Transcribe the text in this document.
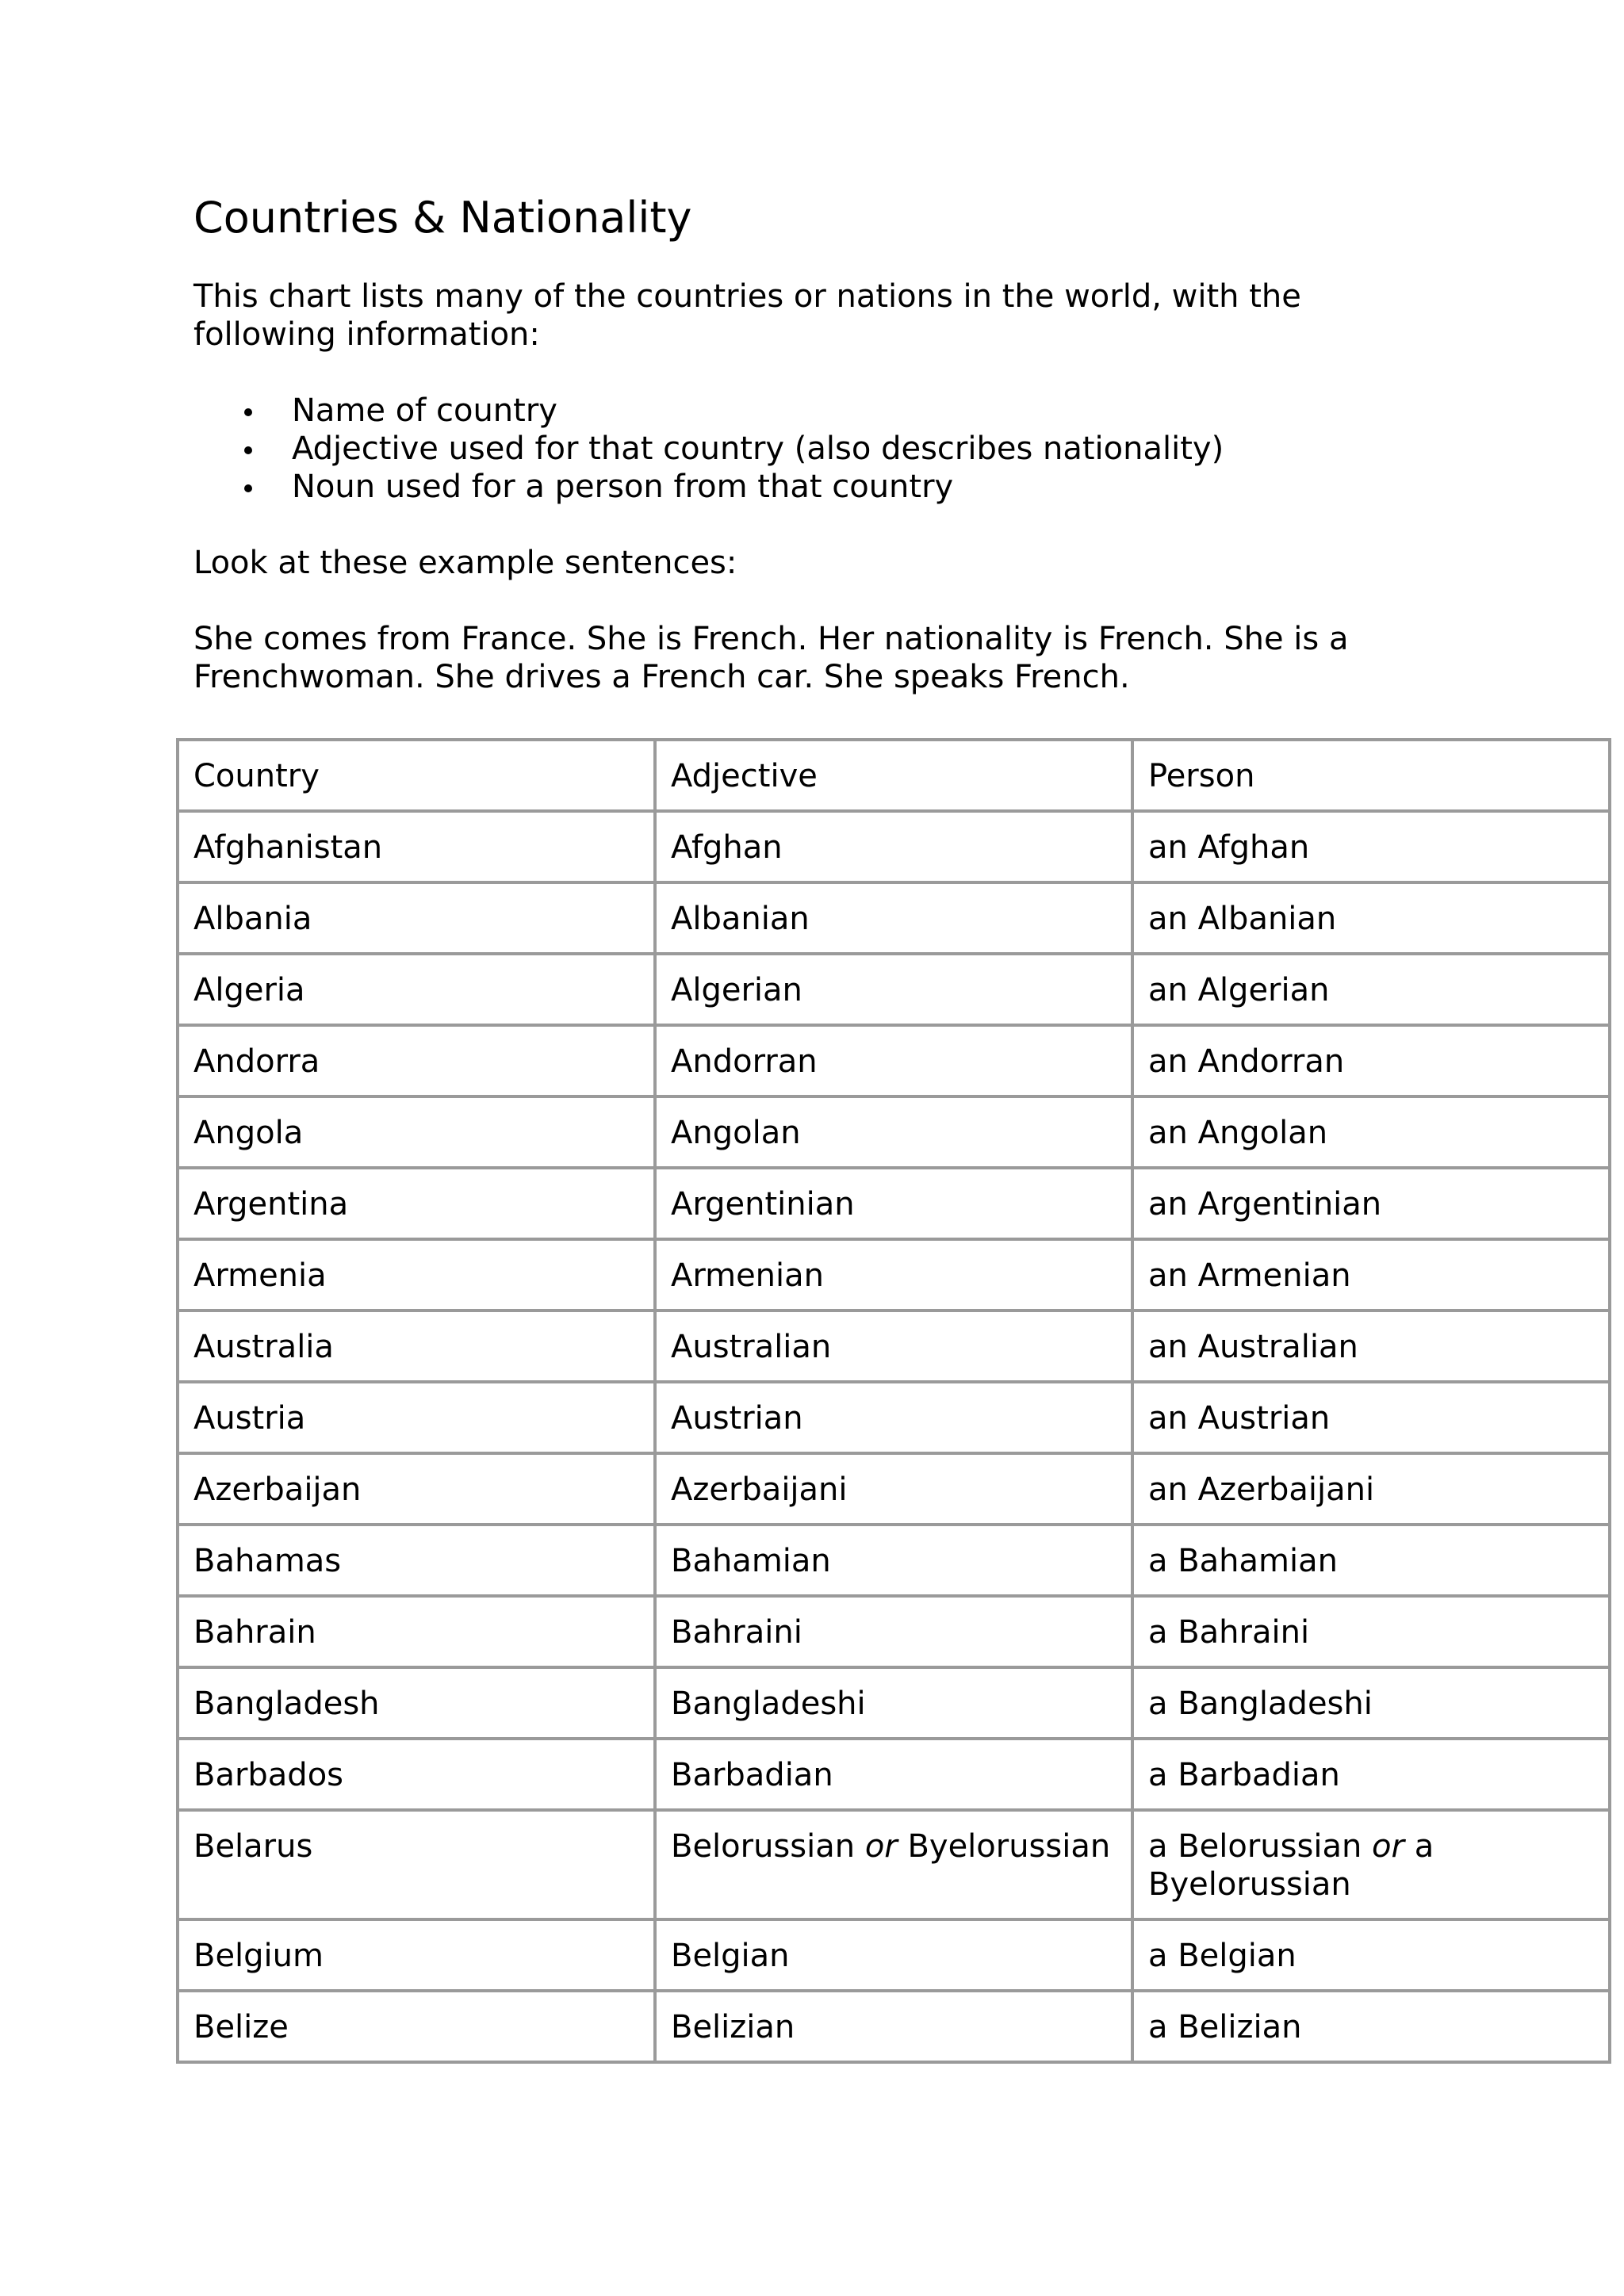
Countries & Nationality

This chart lists many of the countries or nations in the world, with the following information:

Name of country
Adjective used for that country (also describes nationality)
Noun used for a person from that country

Look at these example sentences:

She comes from France. She is French. Her nationality is French. She is a Frenchwoman. She drives a French car. She speaks French.

Country	Adjective	Person
Afghanistan	Afghan	an Afghan
Albania	Albanian	an Albanian
Algeria	Algerian	an Algerian
Andorra	Andorran	an Andorran
Angola	Angolan	an Angolan
Argentina	Argentinian	an Argentinian
Armenia	Armenian	an Armenian
Australia	Australian	an Australian
Austria	Austrian	an Austrian
Azerbaijan	Azerbaijani	an Azerbaijani
Bahamas	Bahamian	a Bahamian
Bahrain	Bahraini	a Bahraini
Bangladesh	Bangladeshi	a Bangladeshi
Barbados	Barbadian	a Barbadian
Belarus	Belorussian or Byelorussian	a Belorussian or a Byelorussian
Belgium	Belgian	a Belgian
Belize	Belizian	a Belizian
